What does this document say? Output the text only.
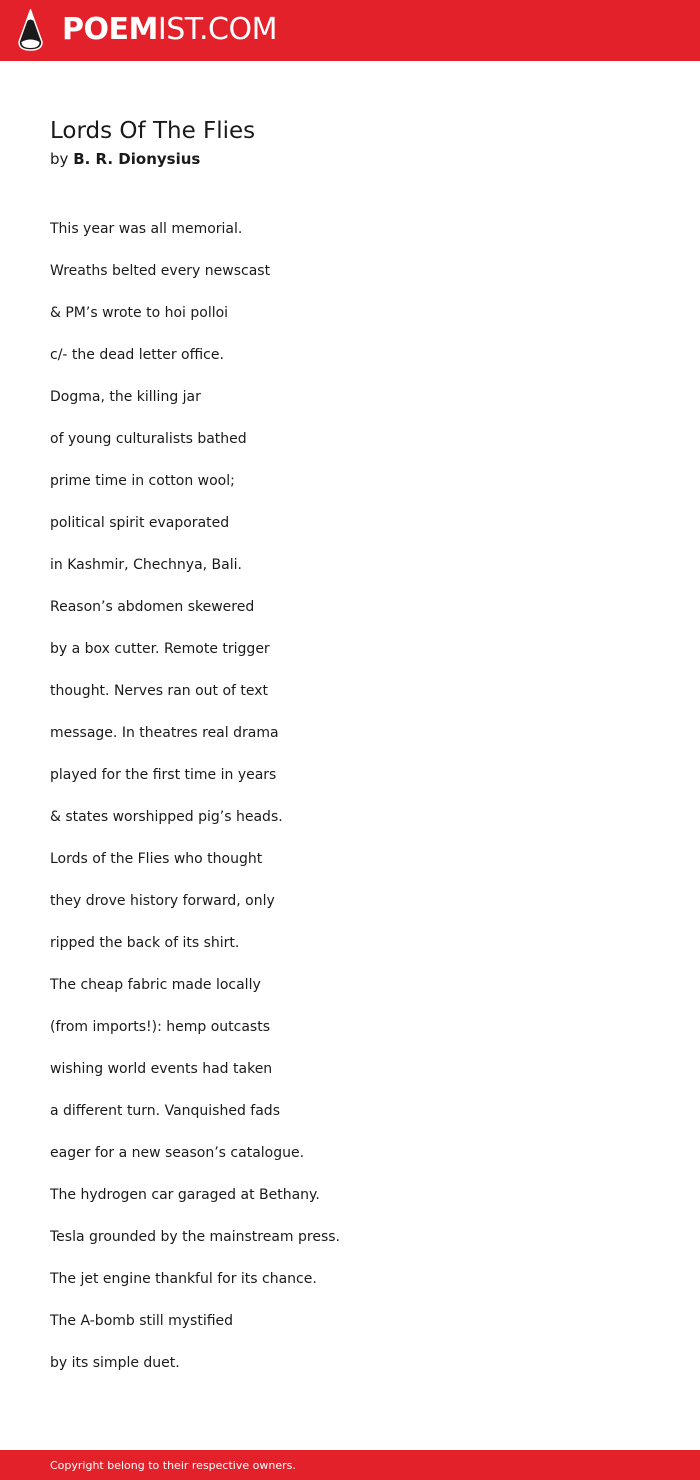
POEMIST.COM
Lords Of The Flies
by B. R. Dionysius
This year was all memorial.
Wreaths belted every newscast
& PM’s wrote to hoi polloi
c/- the dead letter office.
Dogma, the killing jar
of young culturalists bathed
prime time in cotton wool;
political spirit evaporated
in Kashmir, Chechnya, Bali.
Reason’s abdomen skewered
by a box cutter. Remote trigger
thought. Nerves ran out of text
message. In theatres real drama
played for the first time in years
& states worshipped pig’s heads.
Lords of the Flies who thought
they drove history forward, only
ripped the back of its shirt.
The cheap fabric made locally
(from imports!): hemp outcasts
wishing world events had taken
a different turn. Vanquished fads
eager for a new season’s catalogue.
The hydrogen car garaged at Bethany.
Tesla grounded by the mainstream press.
The jet engine thankful for its chance.
The A-bomb still mystified
by its simple duet.
Copyright belong to their respective owners.
